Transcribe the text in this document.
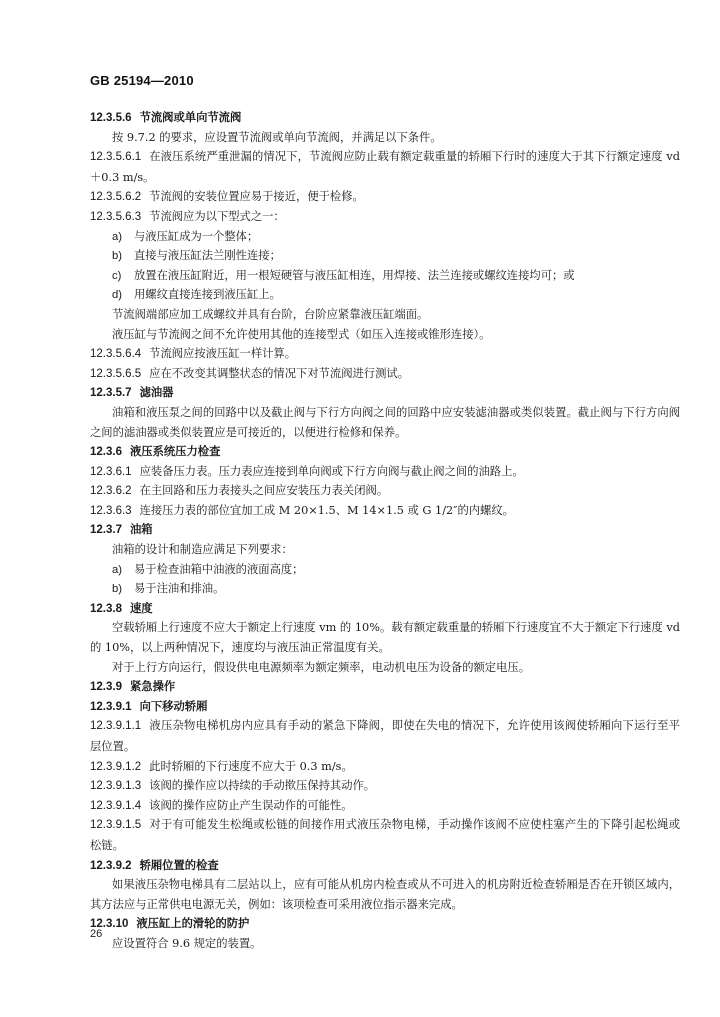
GB 25194—2010
12.3.5.6 节流阀或单向节流阀
按 9.7.2 的要求，应设置节流阀或单向节流阀，并满足以下条件。
12.3.5.6.1 在液压系统严重泄漏的情况下，节流阀应防止载有额定载重量的轿厢下行时的速度大于其下行额定速度 vd＋0.3 m/s。
12.3.5.6.2 节流阀的安装位置应易于接近，便于检修。
12.3.5.6.3 节流阀应为以下型式之一：
a) 与液压缸成为一个整体；
b) 直接与液压缸法兰刚性连接；
c) 放置在液压缸附近，用一根短硬管与液压缸相连，用焊接、法兰连接或螺纹连接均可；或
d) 用螺纹直接连接到液压缸上。
节流阀端部应加工成螺纹并具有台阶，台阶应紧靠液压缸端面。
液压缸与节流阀之间不允许使用其他的连接型式（如压入连接或锥形连接）。
12.3.5.6.4 节流阀应按液压缸一样计算。
12.3.5.6.5 应在不改变其调整状态的情况下对节流阀进行测试。
12.3.5.7 滤油器
油箱和液压泵之间的回路中以及截止阀与下行方向阀之间的回路中应安装滤油器或类似装置。截止阀与下行方向阀之间的滤油器或类似装置应是可接近的，以便进行检修和保养。
12.3.6 液压系统压力检查
12.3.6.1 应装备压力表。压力表应连接到单向阀或下行方向阀与截止阀之间的油路上。
12.3.6.2 在主回路和压力表接头之间应安装压力表关闭阀。
12.3.6.3 连接压力表的部位宜加工成 M 20×1.5、M 14×1.5 或 G 1/2″的内螺纹。
12.3.7 油箱
油箱的设计和制造应满足下列要求：
a) 易于检查油箱中油液的液面高度；
b) 易于注油和排油。
12.3.8 速度
空载轿厢上行速度不应大于额定上行速度 vm 的 10%。载有额定载重量的轿厢下行速度宜不大于额定下行速度 vd 的 10%，以上两种情况下，速度均与液压油正常温度有关。
对于上行方向运行，假设供电电源频率为额定频率，电动机电压为设备的额定电压。
12.3.9 紧急操作
12.3.9.1 向下移动轿厢
12.3.9.1.1 液压杂物电梯机房内应具有手动的紧急下降阀，即使在失电的情况下，允许使用该阀使轿厢向下运行至平层位置。
12.3.9.1.2 此时轿厢的下行速度不应大于 0.3 m/s。
12.3.9.1.3 该阀的操作应以持续的手动揿压保持其动作。
12.3.9.1.4 该阀的操作应防止产生误动作的可能性。
12.3.9.1.5 对于有可能发生松绳或松链的间接作用式液压杂物电梯，手动操作该阀不应使柱塞产生的下降引起松绳或松链。
12.3.9.2 轿厢位置的检查
如果液压杂物电梯具有二层站以上，应有可能从机房内检查或从不可进入的机房附近检查轿厢是否在开锁区域内，其方法应与正常供电电源无关，例如：该项检查可采用液位指示器来完成。
12.3.10 液压缸上的滑轮的防护
应设置符合 9.6 规定的装置。
26
